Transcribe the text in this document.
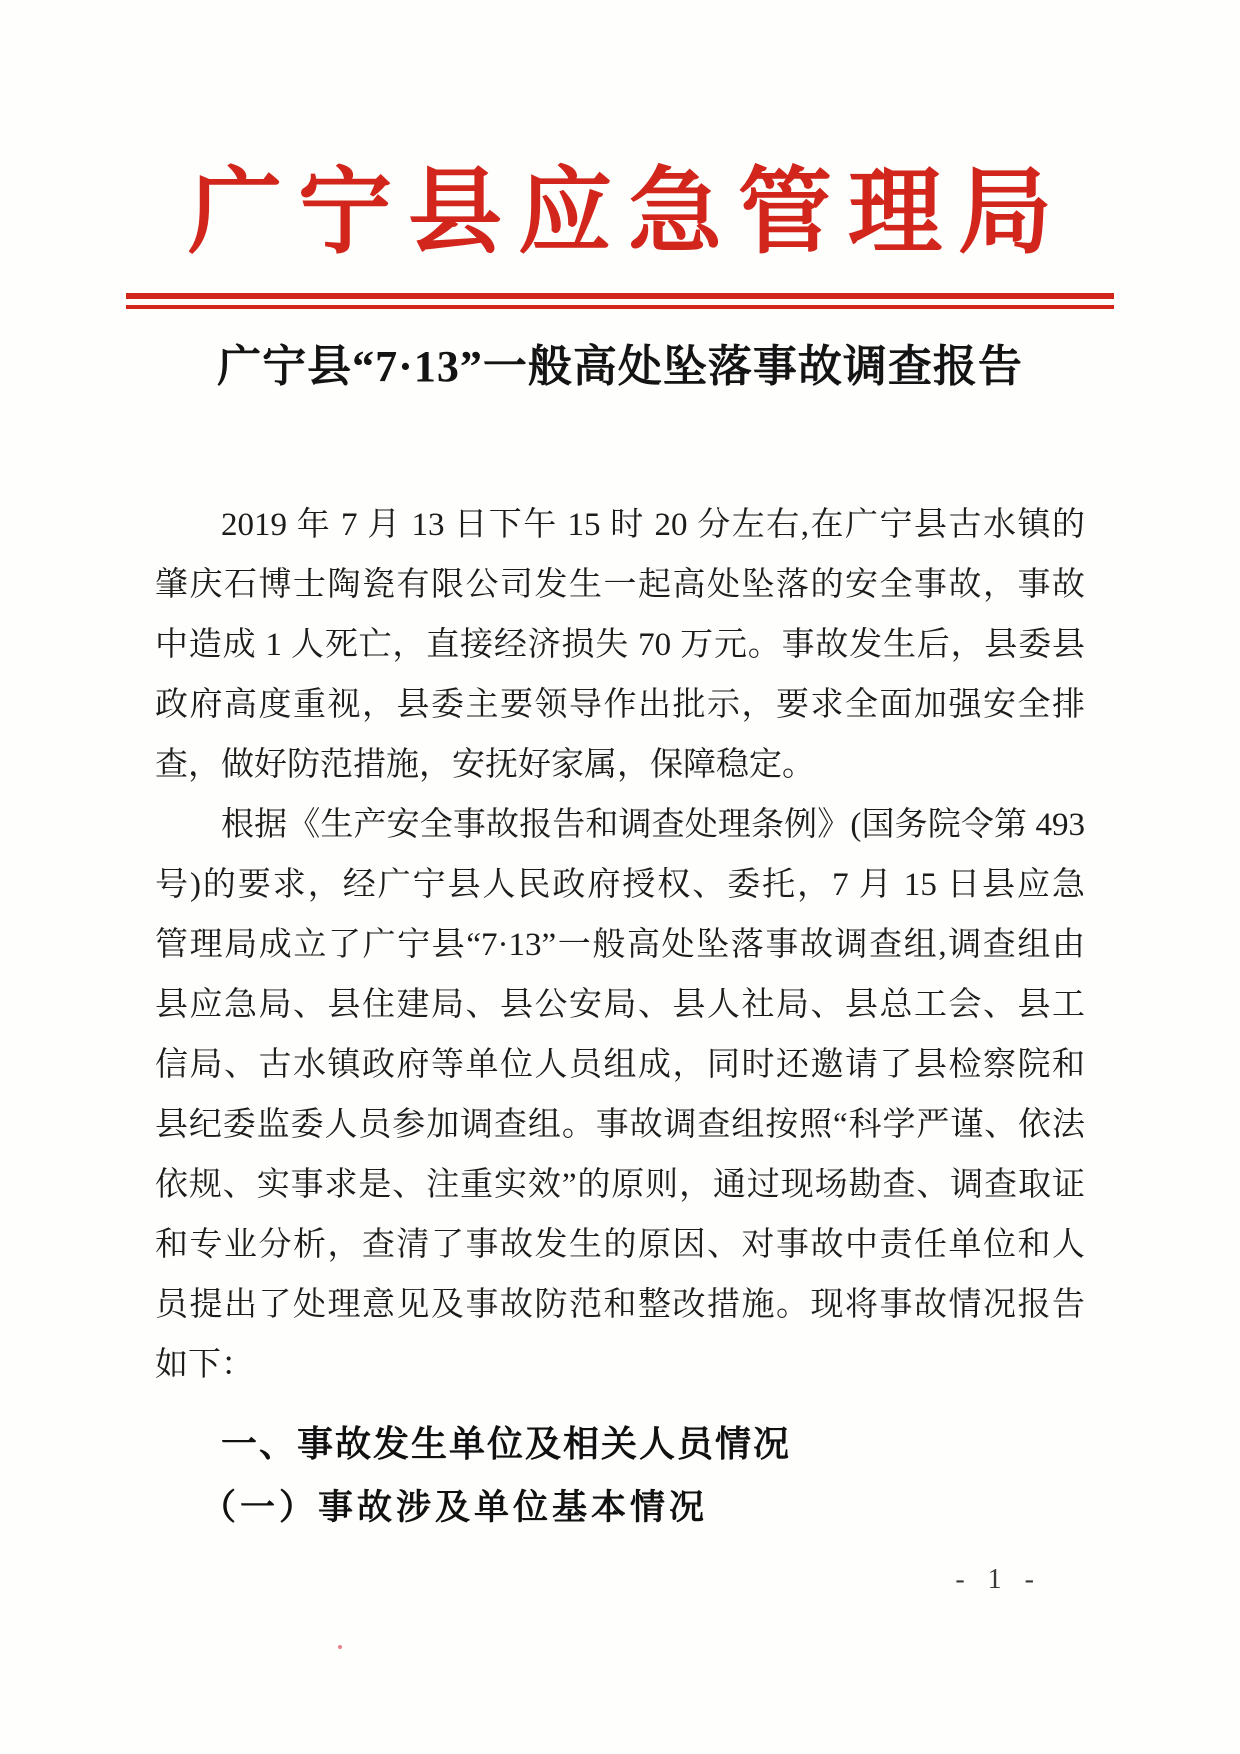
广宁县应急管理局
广宁县“7·13”一般高处坠落事故调查报告
2019 年 7 月 13 日下午 15 时 20 分左右,在广宁县古水镇的
肇庆石博士陶瓷有限公司发生一起高处坠落的安全事故，事故
中造成 1 人死亡，直接经济损失 70 万元。事故发生后，县委县
政府高度重视，县委主要领导作出批示，要求全面加强安全排
查，做好防范措施，安抚好家属，保障稳定。
根据《生产安全事故报告和调查处理条例》(国务院令第 493
号)的要求，经广宁县人民政府授权、委托，7 月 15 日县应急
管理局成立了广宁县“7·13”一般高处坠落事故调查组,调查组由
县应急局、县住建局、县公安局、县人社局、县总工会、县工
信局、古水镇政府等单位人员组成，同时还邀请了县检察院和
县纪委监委人员参加调查组。事故调查组按照“科学严谨、依法
依规、实事求是、注重实效”的原则，通过现场勘查、调查取证
和专业分析，查清了事故发生的原因、对事故中责任单位和人
员提出了处理意见及事故防范和整改措施。现将事故情况报告
如下：
一、事故发生单位及相关人员情况
（一）事故涉及单位基本情况
- 1 -
